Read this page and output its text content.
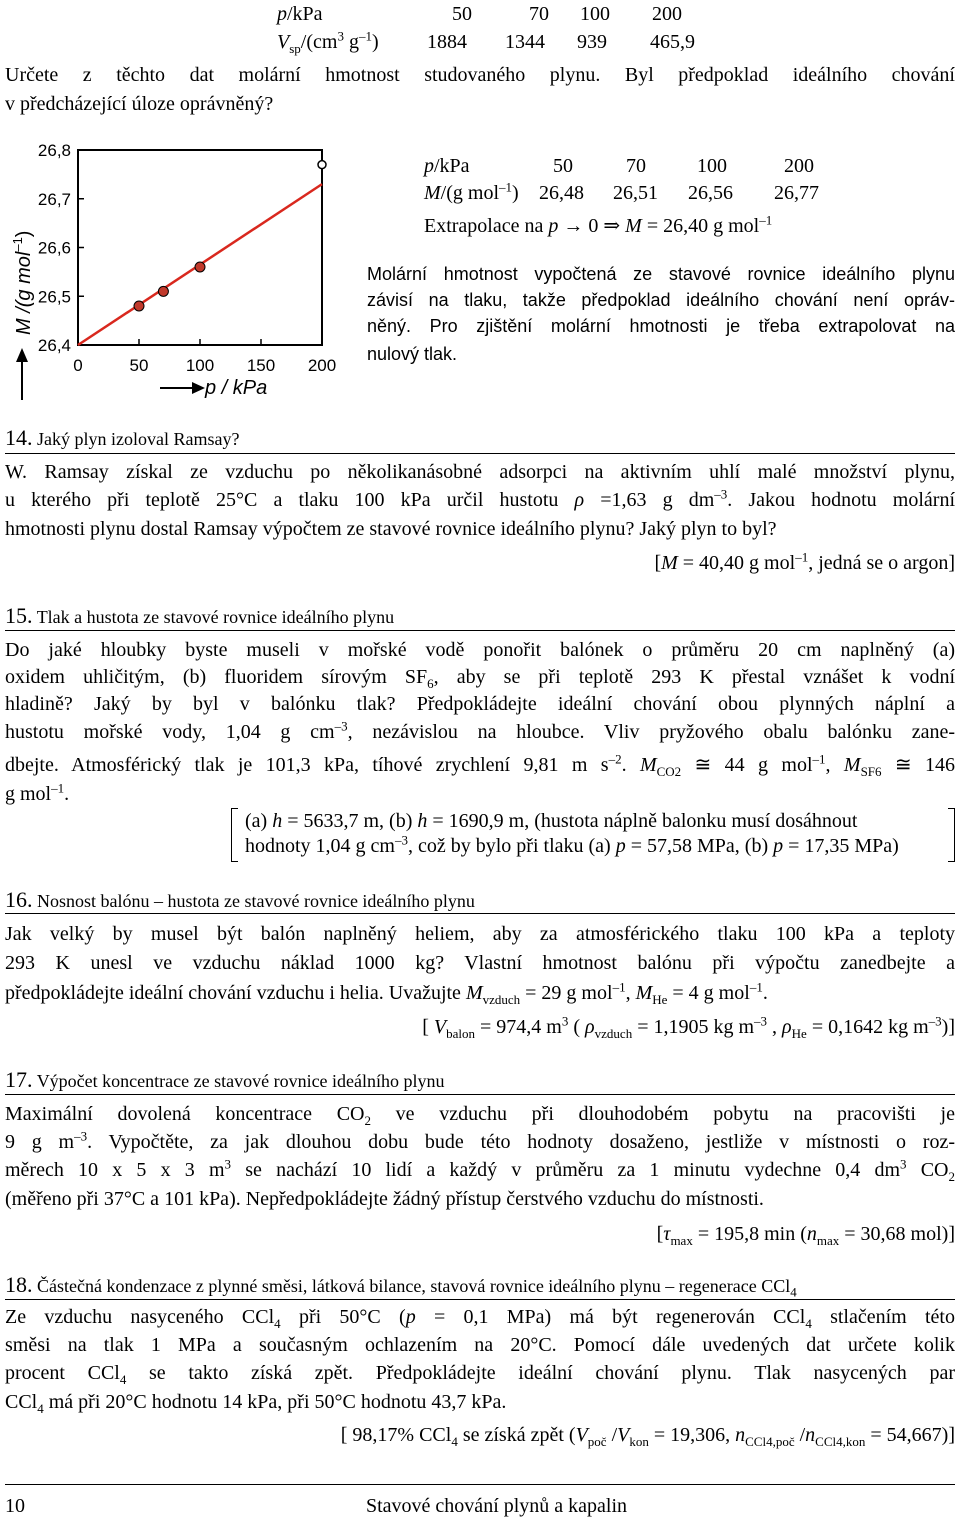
p/kPa	50	70 100 200
$V_{sp}/(cm^3$ $g^{-1}$) 1884 1344 939 465,9
Určete z těchto dat molární hmotnost studovaného plynu. Byl předpoklad ideálního chování
v předcházející úloze oprávněný?
0	50 100 150 200
26,4
26,5
26,6
26,7
26,8
M /(g mol$^{-1}$)
p / kPa
p/kPa	50	70	100	200
M/(g mol$^{-1}$) 26,48 26,51 26,56 26,77
Extrapolace na p → 0 ⇒ M = 26,40 g mol$^{-1}$
Molární hmotnost vypočtená ze stavové rovnice ideálního plynu
závisí na tlaku, takže předpoklad ideálního chování není opráv-
něný. Pro zjištění molární hmotnosti je třeba extrapolovat na
nulový tlak.
14. Jaký plyn izoloval Ramsay?
W. Ramsay získal ze vzduchu po několikanásobné adsorpci na aktivním uhlí malé množství plynu,
u kterého při teplotě 25°C a tlaku 100 kPa určil hustotu ρ =1,63 g $dm^{-3}$. Jakou hodnotu molární
hmotnosti plynu dostal Ramsay výpočtem ze stavové rovnice ideálního plynu? Jaký plyn to byl?
[M = 40,40 g mol$^{-1}$, jedná se o argon]
15. Tlak a hustota ze stavové rovnice ideálního plynu
Do jaké hloubky byste museli v mořské vodě ponořit balónek o průměru 20 cm naplněný (a)
oxidem uhličitým, (b) fluoridem sírovým $SF_6$, aby se při teplotě 293 K přestal vznášet k vodní
hladině? Jaký by byl v balónku tlak? Předpokládejte ideální chování obou plynných náplní a
hustotu mořské vody, 1,04 g $cm^{-3}$, nezávislou na hloubce. Vliv pryžového obalu balónku zane-
dbejte. Atmosférický tlak je 101,3 kPa, tíhové zrychlení 9,81 m $s^{-2}$. $M_{CO2}$ ≅ 44 g mol$^{-1}$, $M_{SF6}$ ≅ 146
g mol$^{-1}$.
(a) h = 5633,7 m, (b) h = 1690,9 m, (hustota náplně balonku musí dosáhnout
hodnoty 1,04 g $cm^{-3}$, což by bylo při tlaku (a) p = 57,58 MPa, (b) p = 17,35 MPa)
16. Nosnost balónu – hustota ze stavové rovnice ideálního plynu
Jak velký by musel být balón naplněný heliem, aby za atmosférického tlaku 100 kPa a teploty
293 K unesl ve vzduchu náklad 1000 kg? Vlastní hmotnost balónu při výpočtu zanedbejte a
předpokládejte ideální chování vzduchu i helia. Uvažujte $M_{vzduch} = 29$ g mol$^{-1}$, $M_{He} = 4$ g mol$^{-1}$.
[ $V_{balon} = 974,4$ $m^3$ ( $\rho_{vzduch} = 1,1905$ kg $m^{-3}$ , $\rho_{He} = 0,1642$ kg $m^{-3}$)]
17. Výpočet koncentrace ze stavové rovnice ideálního plynu
Maximální dovolená koncentrace $CO_2$ ve vzduchu při dlouhodobém pobytu na pracovišti je
9 g $m^{-3}$. Vypočtěte, za jak dlouhou dobu bude této hodnoty dosaženo, jestliže v místnosti o roz-
měrech 10 x 5 x 3 $m^3$ se nachází 10 lidí a každý v průměru za 1 minutu vydechne 0,4 $dm^3$ $CO_2$
(měřeno při 37°C a 101 kPa). Nepředpokládejte žádný přístup čerstvého vzduchu do místnosti.
[$\tau_{max} = 195,8$ $\min (n_{max} = 30,68$ mol)]
18. Částečná kondenzace z plynné směsi, látková bilance, stavová rovnice ideálního plynu – regenerace CCl$_4$
Ze vzduchu nasyceného CCl$_4$ při 50°C (p = 0,1 MPa) má být regenerován CCl$_4$ stlačením této
směsi na tlak 1 MPa a současným ochlazením na 20°C. Pomocí dále uvedených dat určete kolik
procent CCl$_4$ se takto získá zpět. Předpokládejte ideální chování plynu. Tlak nasycených par
CCl$_4$ má při 20°C hodnotu 14 kPa, při 50°C hodnotu 43,7 kPa.
[ 98,17% CCl$_4$ se získá zpět ($V_{poč}$ $/V_{kon} = 19,306$, $n_{CCl4,poč}$ $/n_{CCl4,kon} = 54,667$)]
10	Stavové chování plynů a kapalin
